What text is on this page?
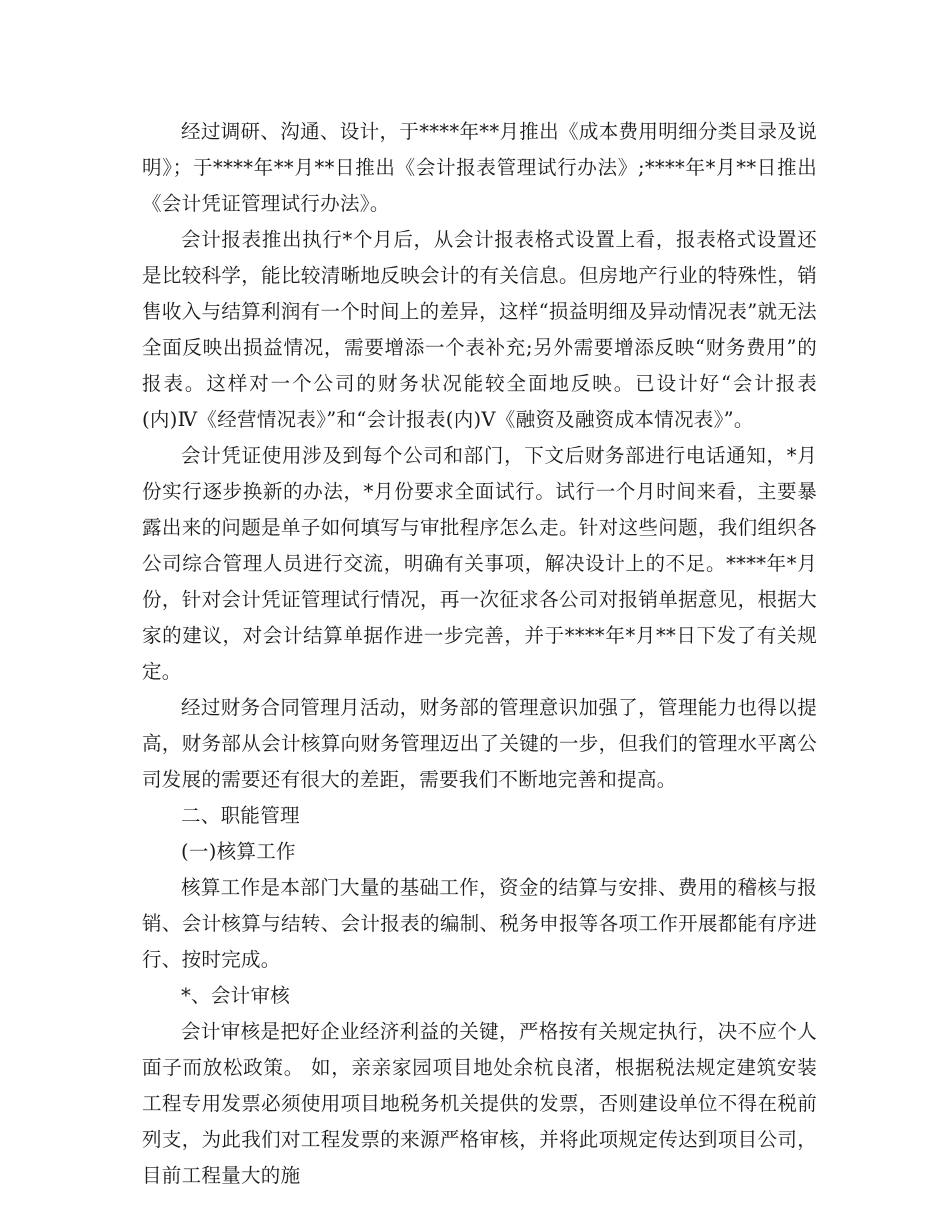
经过调研、沟通、设计，于****年**月推出《成本费用明细分类目录及说明》；于****年**月**日推出《会计报表管理试行办法》;****年*月**日推出《会计凭证管理试行办法》。

会计报表推出执行*个月后，从会计报表格式设置上看，报表格式设置还是比较科学，能比较清晰地反映会计的有关信息。但房地产行业的特殊性，销售收入与结算利润有一个时间上的差异，这样“损益明细及异动情况表”就无法全面反映出损益情况，需要增添一个表补充;另外需要增添反映“财务费用”的报表。这样对一个公司的财务状况能较全面地反映。已设计好“会计报表(内)Ⅳ《经营情况表》”和“会计报表(内)Ⅴ《融资及融资成本情况表》”。

会计凭证使用涉及到每个公司和部门，下文后财务部进行电话通知，*月份实行逐步换新的办法，*月份要求全面试行。试行一个月时间来看，主要暴露出来的问题是单子如何填写与审批程序怎么走。针对这些问题，我们组织各公司综合管理人员进行交流，明确有关事项，解决设计上的不足。****年*月份，针对会计凭证管理试行情况，再一次征求各公司对报销单据意见，根据大家的建议，对会计结算单据作进一步完善，并于****年*月**日下发了有关规定。

经过财务合同管理月活动，财务部的管理意识加强了，管理能力也得以提高，财务部从会计核算向财务管理迈出了关键的一步，但我们的管理水平离公司发展的需要还有很大的差距，需要我们不断地完善和提高。

二、职能管理

(一)核算工作

核算工作是本部门大量的基础工作，资金的结算与安排、费用的稽核与报销、会计核算与结转、会计报表的编制、税务申报等各项工作开展都能有序进行、按时完成。

*、会计审核

会计审核是把好企业经济利益的关键，严格按有关规定执行，决不应个人面子而放松政策。 如，亲亲家园项目地处余杭良渚，根据税法规定建筑安装工程专用发票必须使用项目地税务机关提供的发票，否则建设单位不得在税前列支，为此我们对工程发票的来源严格审核，并将此项规定传达到项目公司，目前工程量大的施
